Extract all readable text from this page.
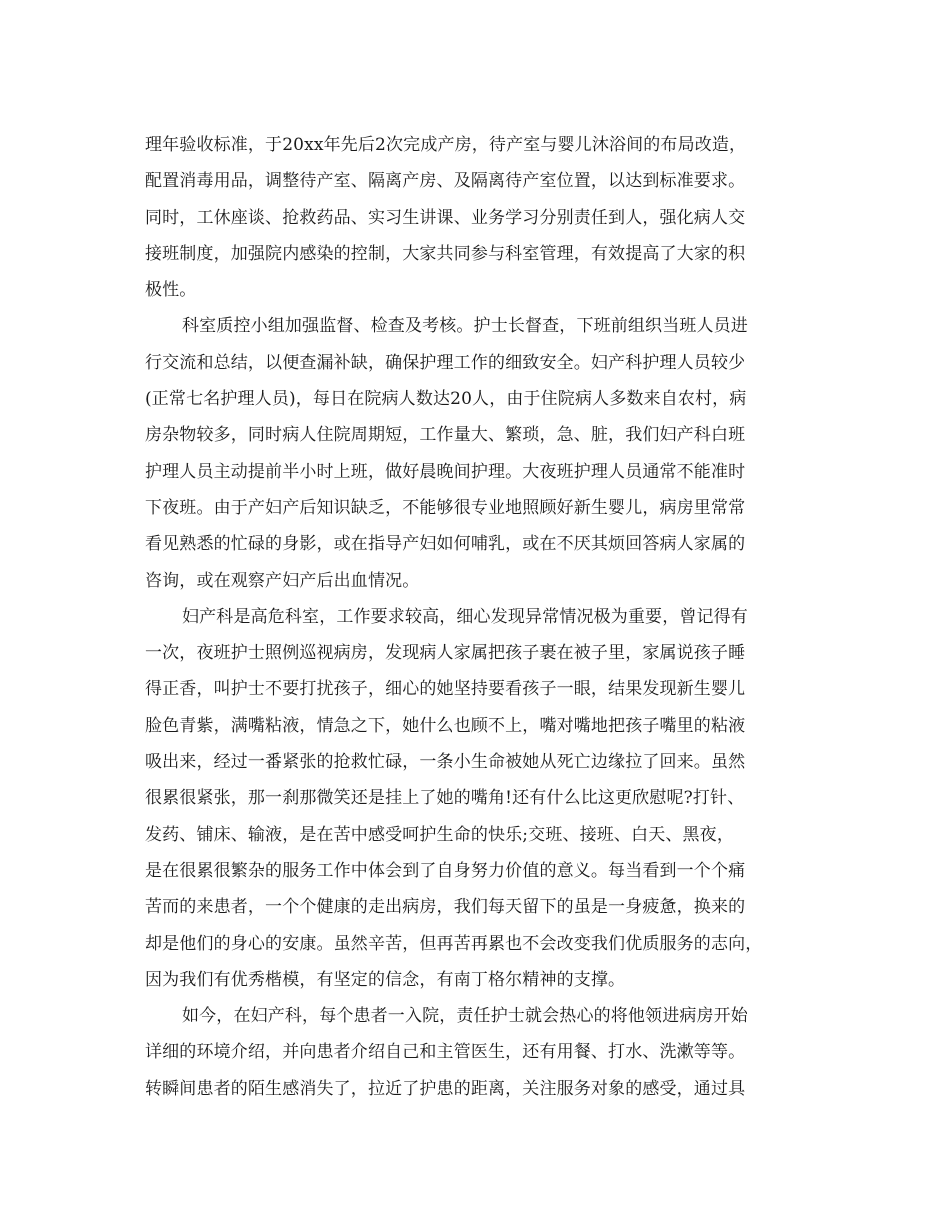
理年验收标准，于20xx年先后2次完成产房，待产室与婴儿沐浴间的布局改造，
配置消毒用品，调整待产室、隔离产房、及隔离待产室位置，以达到标准要求。
同时，工休座谈、抢救药品、实习生讲课、业务学习分别责任到人，强化病人交
接班制度，加强院内感染的控制，大家共同参与科室管理，有效提高了大家的积
极性。
科室质控小组加强监督、检查及考核。护士长督查，下班前组织当班人员进
行交流和总结，以便查漏补缺，确保护理工作的细致安全。妇产科护理人员较少
(正常七名护理人员)，每日在院病人数达20人，由于住院病人多数来自农村，病
房杂物较多，同时病人住院周期短，工作量大、繁琐，急、脏，我们妇产科白班
护理人员主动提前半小时上班，做好晨晚间护理。大夜班护理人员通常不能准时
下夜班。由于产妇产后知识缺乏，不能够很专业地照顾好新生婴儿，病房里常常
看见熟悉的忙碌的身影，或在指导产妇如何哺乳，或在不厌其烦回答病人家属的
咨询，或在观察产妇产后出血情况。
妇产科是高危科室，工作要求较高，细心发现异常情况极为重要，曾记得有
一次，夜班护士照例巡视病房，发现病人家属把孩子裹在被子里，家属说孩子睡
得正香，叫护士不要打扰孩子，细心的她坚持要看孩子一眼，结果发现新生婴儿
脸色青紫，满嘴粘液，情急之下，她什么也顾不上，嘴对嘴地把孩子嘴里的粘液
吸出来，经过一番紧张的抢救忙碌，一条小生命被她从死亡边缘拉了回来。虽然
很累很紧张，那一刹那微笑还是挂上了她的嘴角!还有什么比这更欣慰呢?打针、
发药、铺床、输液，是在苦中感受呵护生命的快乐;交班、接班、白天、黑夜，
是在很累很繁杂的服务工作中体会到了自身努力价值的意义。每当看到一个个痛
苦而的来患者，一个个健康的走出病房，我们每天留下的虽是一身疲惫，换来的
却是他们的身心的安康。虽然辛苦，但再苦再累也不会改变我们优质服务的志向，
因为我们有优秀楷模，有坚定的信念，有南丁格尔精神的支撑。
如今，在妇产科，每个患者一入院，责任护士就会热心的将他领进病房开始
详细的环境介绍，并向患者介绍自己和主管医生，还有用餐、打水、洗漱等等。
转瞬间患者的陌生感消失了，拉近了护患的距离，关注服务对象的感受，通过具
